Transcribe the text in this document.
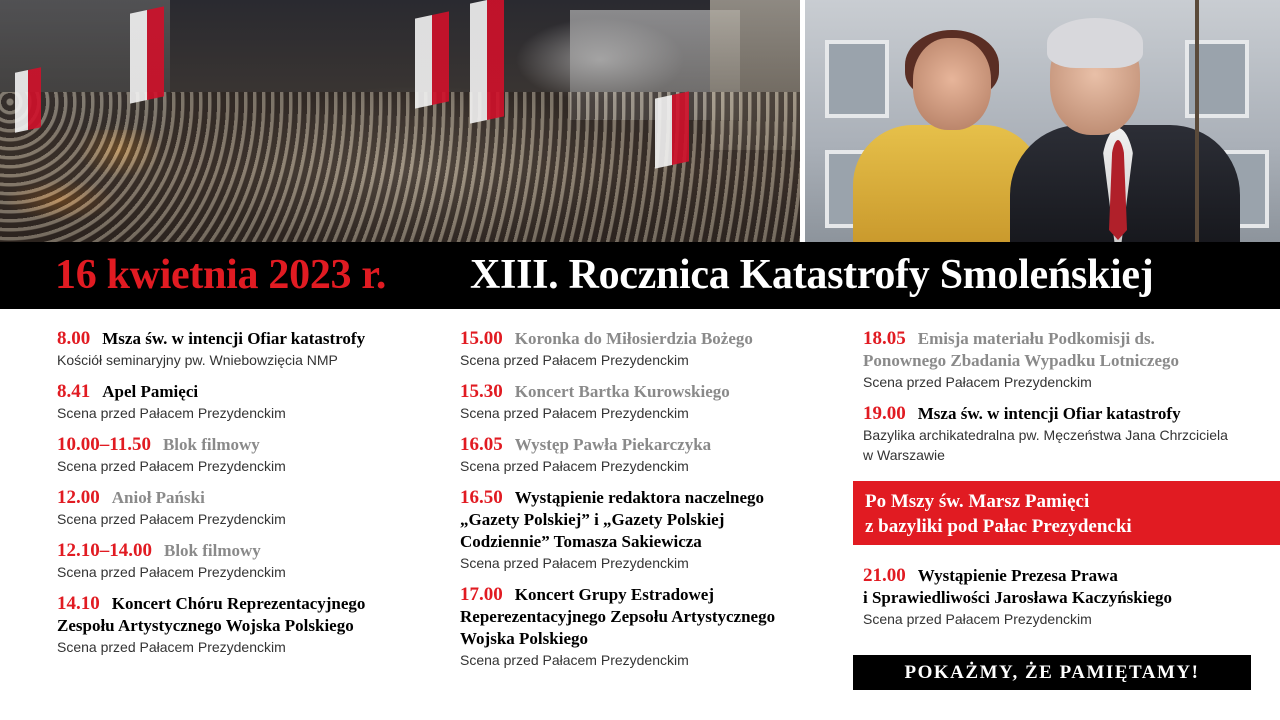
16 kwietnia 2023 r. XIII. Rocznica Katastrofy Smoleńskiej
8.00 Msza św. w intencji Ofiar katastrofy
Kościół seminaryjny pw. Wniebowzięcia NMP
8.41 Apel Pamięci
Scena przed Pałacem Prezydenckim
10.00–11.50 Blok filmowy
Scena przed Pałacem Prezydenckim
12.00 Anioł Pański
Scena przed Pałacem Prezydenckim
12.10–14.00 Blok filmowy
Scena przed Pałacem Prezydenckim
14.10 Koncert Chóru Reprezentacyjnego
Zespołu Artystycznego Wojska Polskiego
Scena przed Pałacem Prezydenckim
15.00 Koronka do Miłosierdzia Bożego
Scena przed Pałacem Prezydenckim
15.30 Koncert Bartka Kurowskiego
Scena przed Pałacem Prezydenckim
16.05 Występ Pawła Piekarczyka
Scena przed Pałacem Prezydenckim
16.50 Wystąpienie redaktora naczelnego
„Gazety Polskiej” i „Gazety Polskiej
Codziennie” Tomasza Sakiewicza
Scena przed Pałacem Prezydenckim
17.00 Koncert Grupy Estradowej
Reperezentacyjnego Zepsołu Artystycznego
Wojska Polskiego
Scena przed Pałacem Prezydenckim
18.05 Emisja materiału Podkomisji ds.
Ponownego Zbadania Wypadku Lotniczego
Scena przed Pałacem Prezydenckim
19.00 Msza św. w intencji Ofiar katastrofy
Bazylika archikatedralna pw. Męczeństwa Jana Chrzciciela
w Warszawie
Po Mszy św. Marsz Pamięci
z bazyliki pod Pałac Prezydencki
21.00 Wystąpienie Prezesa Prawa
i Sprawiedliwości Jarosława Kaczyńskiego
Scena przed Pałacem Prezydenckim
POKAŻMY, ŻE PAMIĘTAMY!
